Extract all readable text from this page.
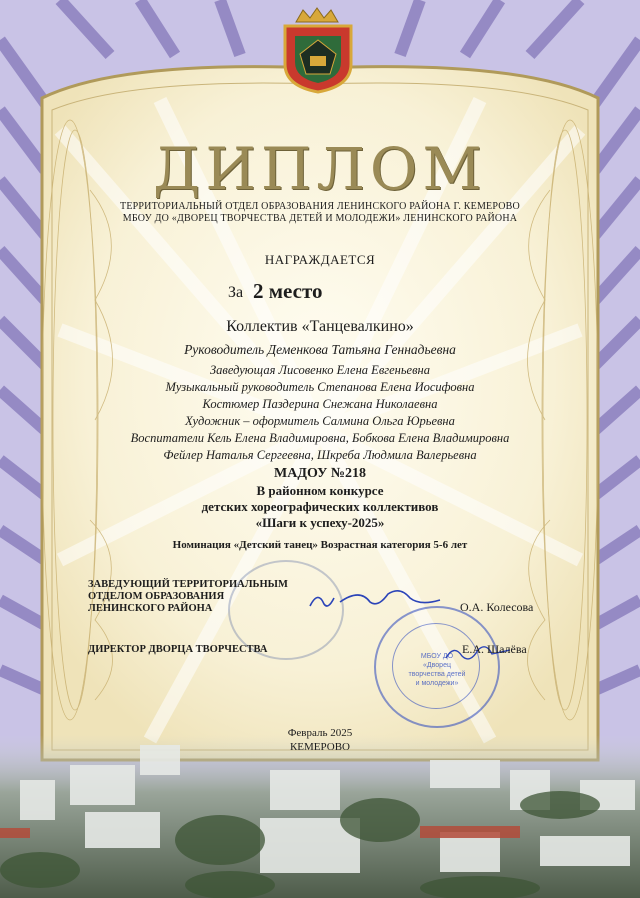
ДИПЛОМ
ТЕРРИТОРИАЛЬНЫЙ ОТДЕЛ ОБРАЗОВАНИЯ ЛЕНИНСКОГО РАЙОНА Г. КЕМЕРОВО
МБОУ ДО «ДВОРЕЦ ТВОРЧЕСТВА ДЕТЕЙ И МОЛОДЕЖИ» ЛЕНИНСКОГО РАЙОНА
НАГРАЖДАЕТСЯ
За 2 место
Коллектив «Танцевалкино»
Руководитель Деменкова Татьяна Геннадьевна
Заведующая Лисовенко Елена Евгеньевна
Музыкальный руководитель Степанова Елена Иосифовна
Костюмер Паздерина Снежана Николаевна
Художник – оформитель Салмина Ольга Юрьевна
Воспитатели Кель Елена Владимировна, Бобкова Елена Владимировна
Фейлер Наталья Сергеевна, Шкреба Людмила Валерьевна
МАДОУ №218
В районном конкурсе
детских хореографических коллективов
«Шаги к успеху-2025»
Номинация «Детский танец» Возрастная категория 5-6 лет
МБОУ ДО
«Дворец
творчества детей
и молодежи»
ЗАВЕДУЮЩИЙ ТЕРРИТОРИАЛЬНЫМ
ОТДЕЛОМ ОБРАЗОВАНИЯ
ЛЕНИНСКОГО РАЙОНА	О.А. Колесова
ДИРЕКТОР ДВОРЦА ТВОРЧЕСТВА	Е.А. Шалёва
Февраль 2025
КЕМЕРОВО
